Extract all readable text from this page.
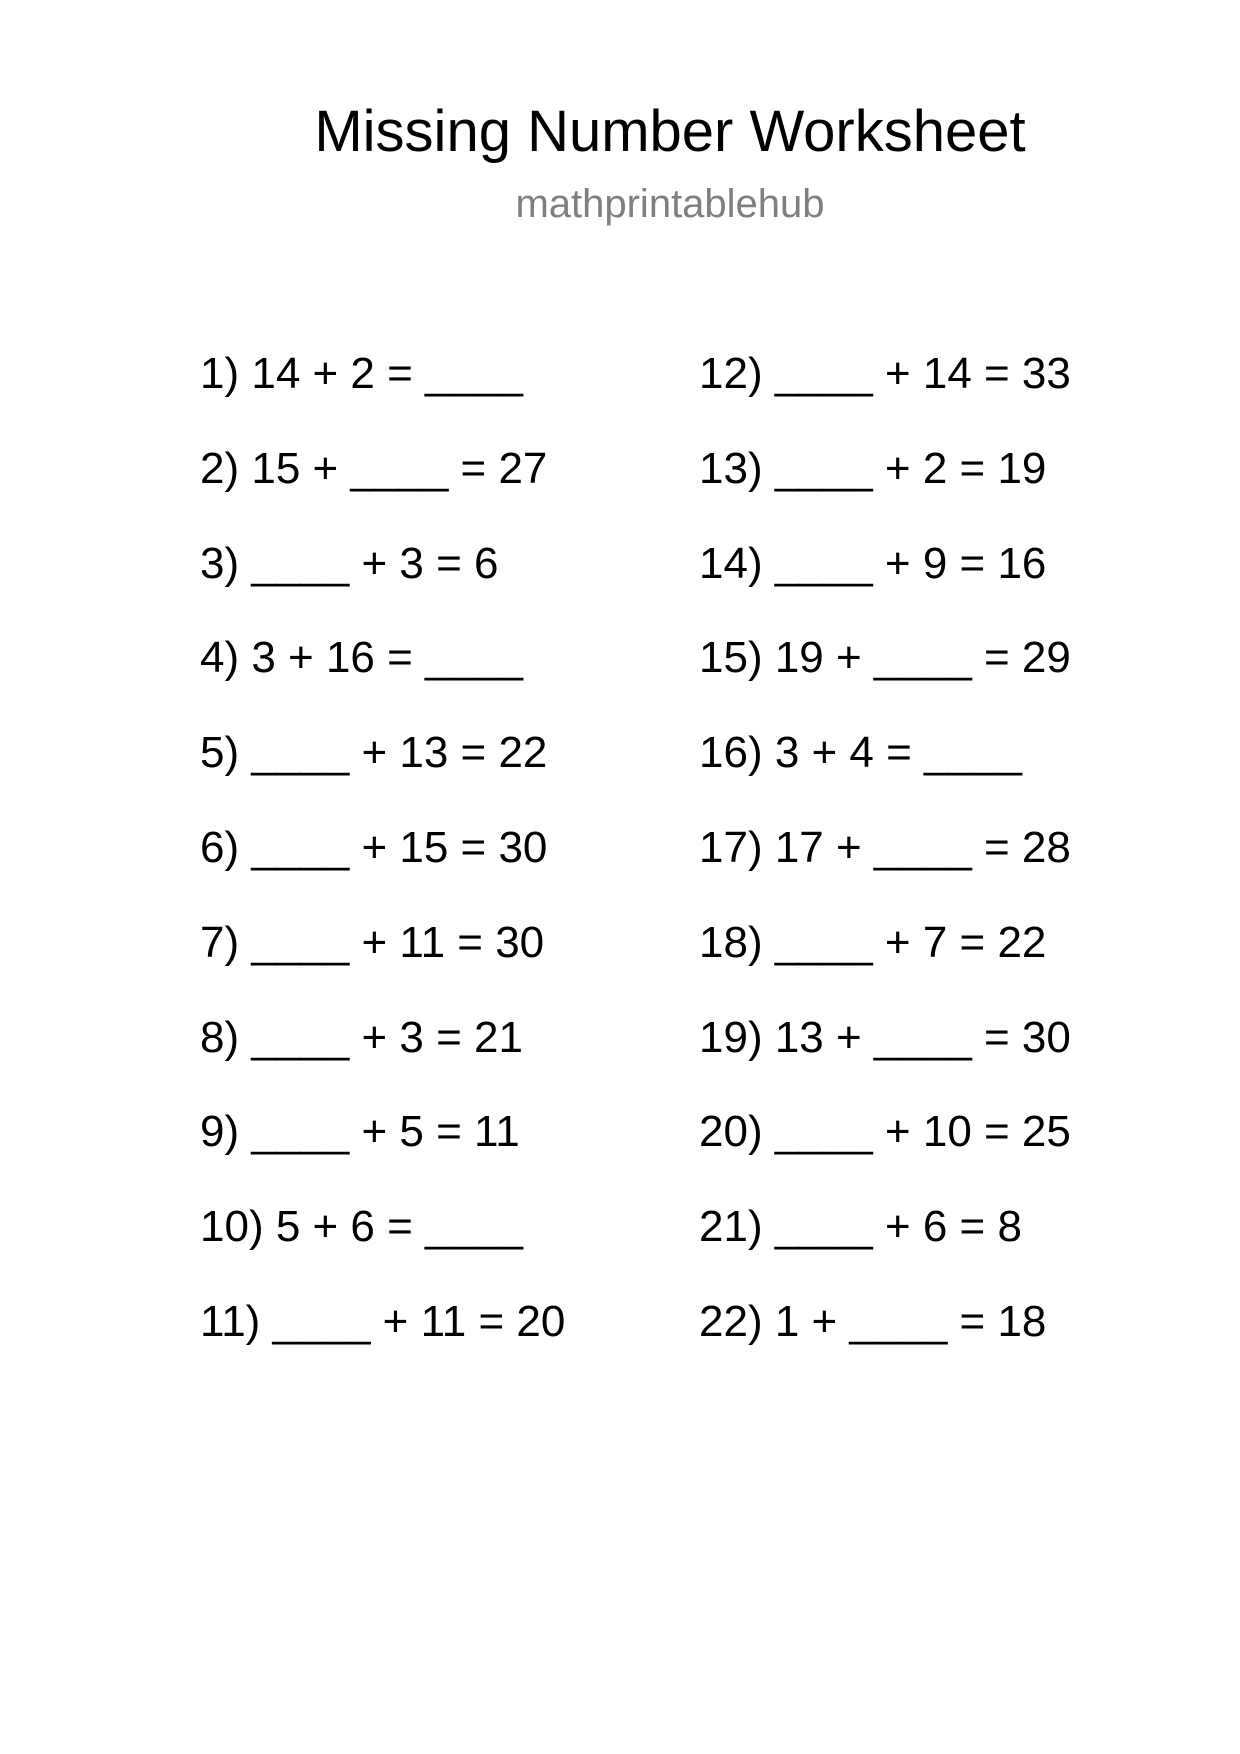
Missing Number Worksheet
mathprintablehub
1) 14 + 2 = ____
2) 15 + ____ = 27
3) ____ + 3 = 6
4) 3 + 16 = ____
5) ____ + 13 = 22
6) ____ + 15 = 30
7) ____ + 11 = 30
8) ____ + 3 = 21
9) ____ + 5 = 11
10) 5 + 6 = ____
11) ____ + 11 = 20
12) ____ + 14 = 33
13) ____ + 2 = 19
14) ____ + 9 = 16
15) 19 + ____ = 29
16) 3 + 4 = ____
17) 17 + ____ = 28
18) ____ + 7 = 22
19) 13 + ____ = 30
20) ____ + 10 = 25
21) ____ + 6 = 8
22) 1 + ____ = 18
